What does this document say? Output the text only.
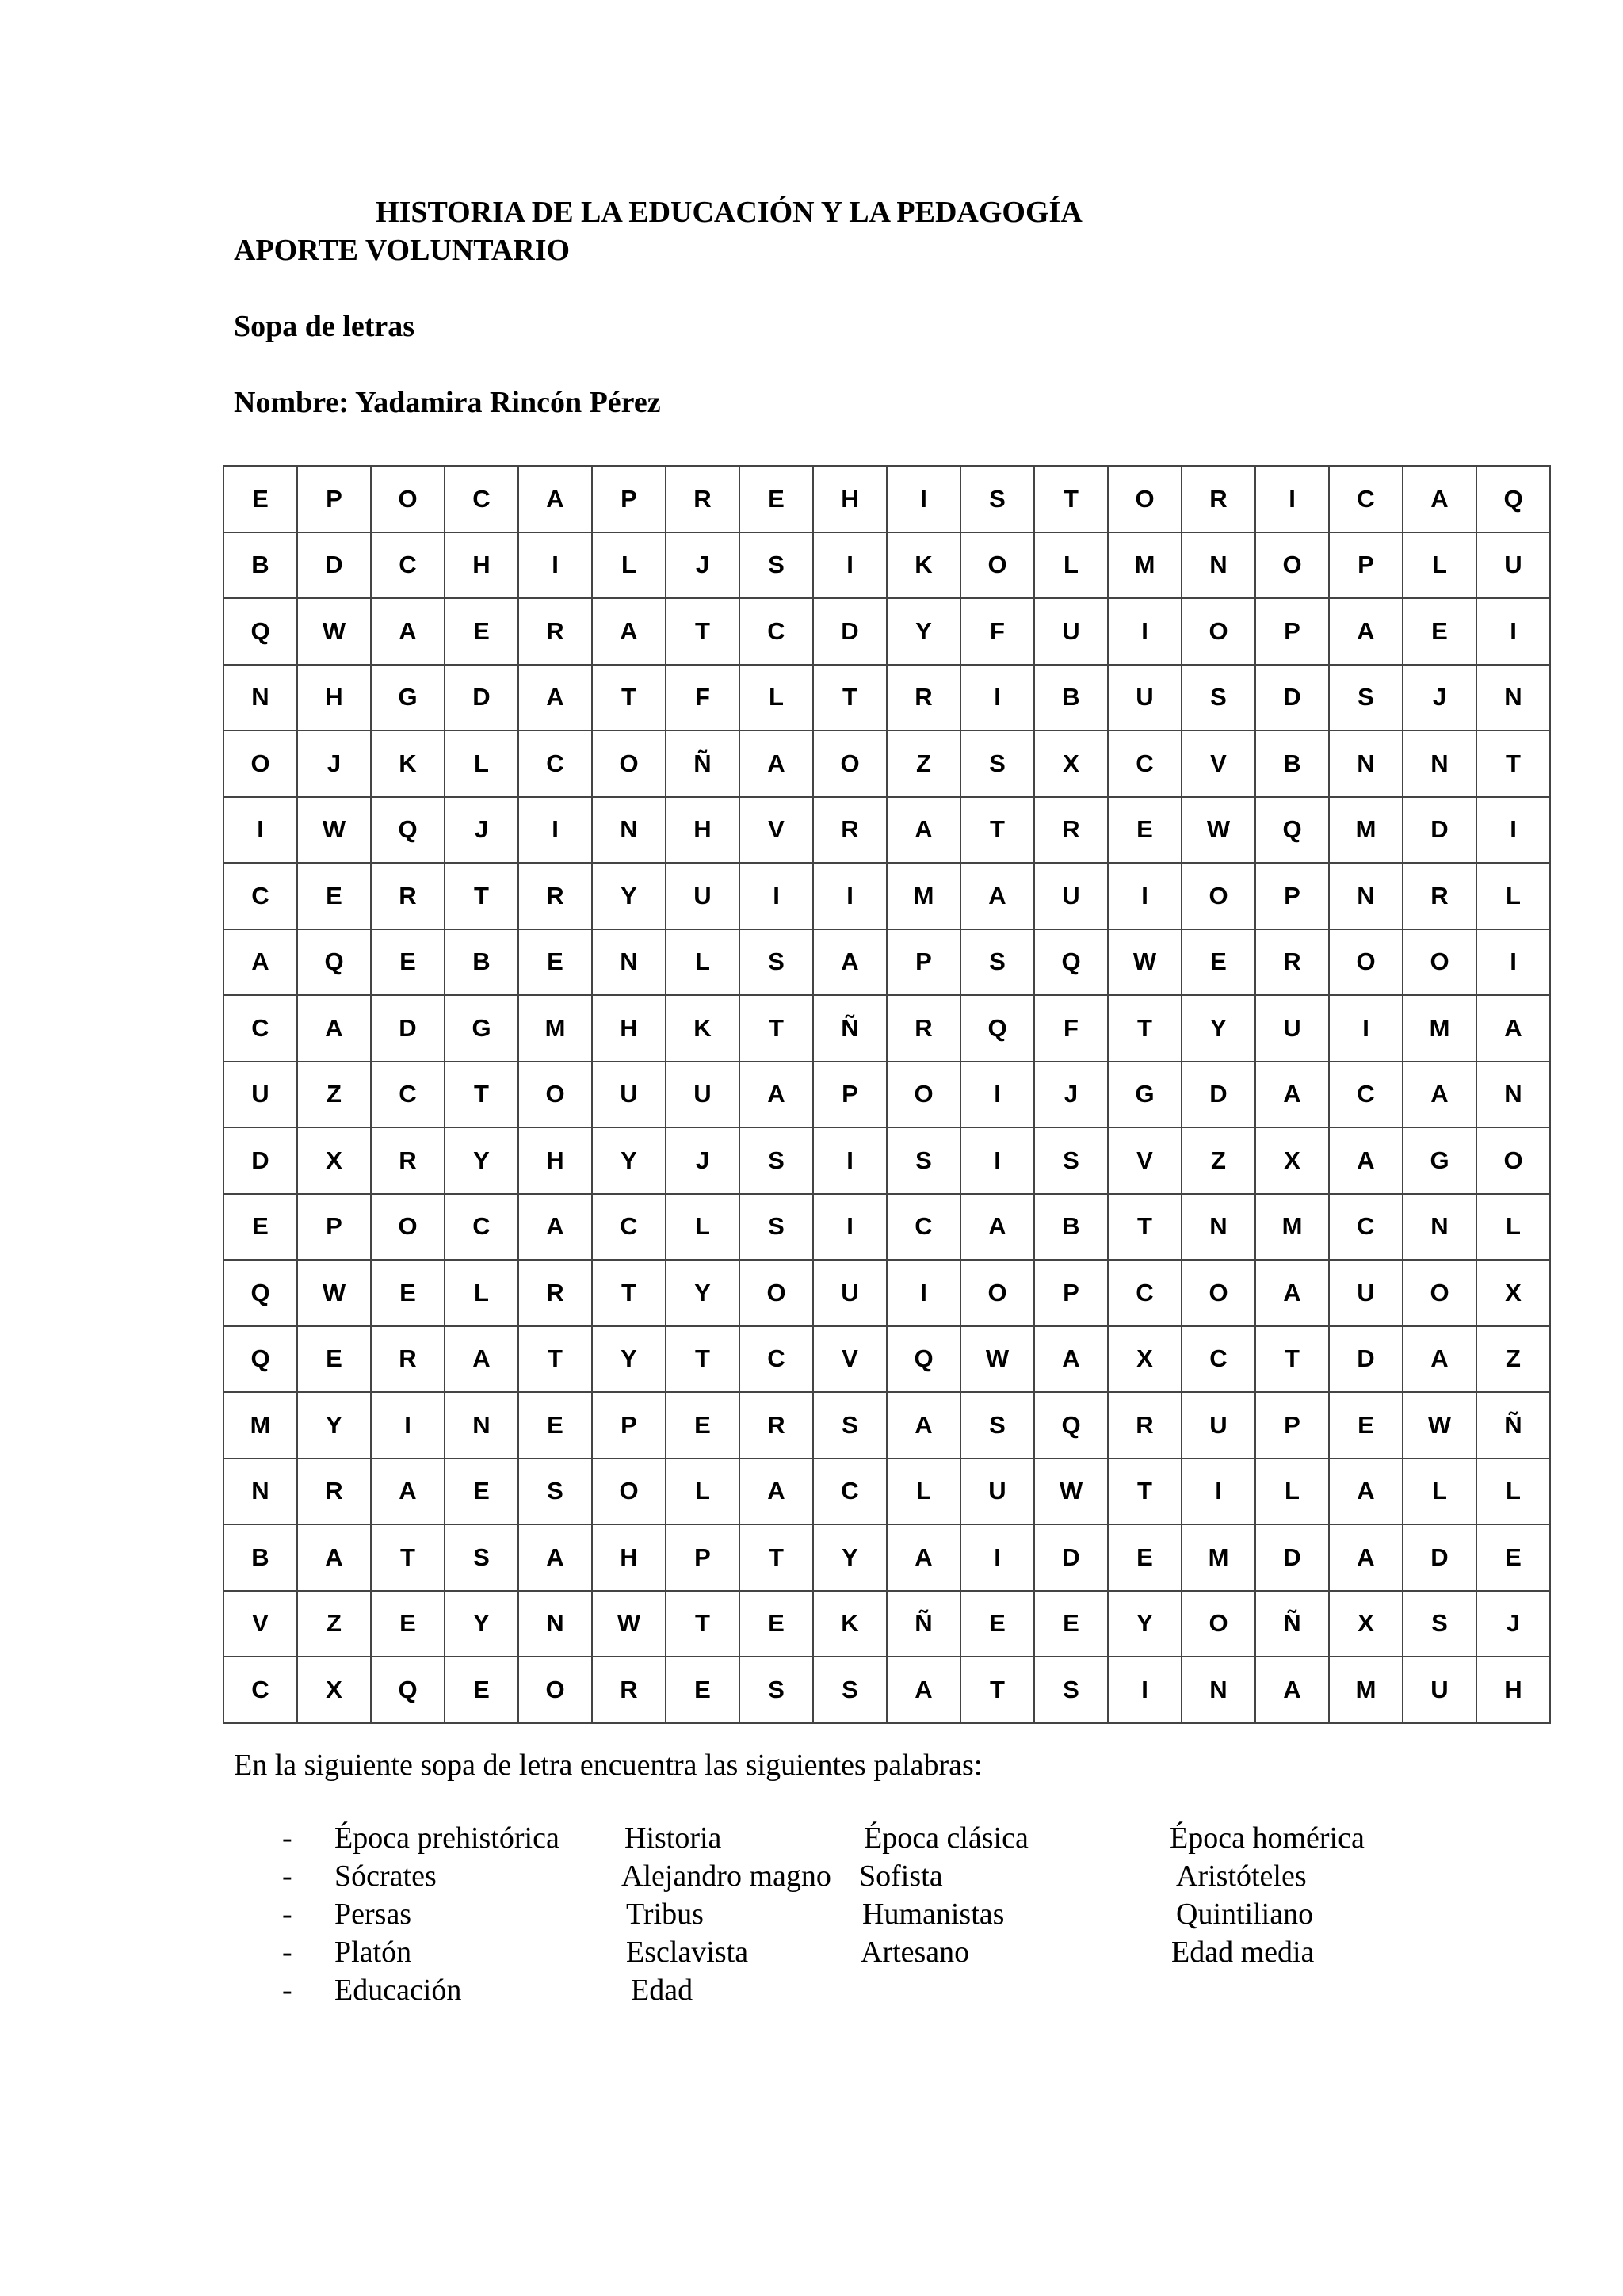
HISTORIA DE LA EDUCACIÓN Y LA PEDAGOGÍA
APORTE VOLUNTARIO
Sopa de letras
Nombre: Yadamira Rincón Pérez
E	P	O	C	A	P	R	E	H	I	S	T	O	R	I	C	A	Q
B	D	C	H	I	L	J	S	I	K	O	L	M	N	O	P	L	U
Q	W	A	E	R	A	T	C	D	Y	F	U	I	O	P	A	E	I
N	H	G	D	A	T	F	L	T	R	I	B	U	S	D	S	J	N
O	J	K	L	C	O	Ñ	A	O	Z	S	X	C	V	B	N	N	T
I	W	Q	J	I	N	H	V	R	A	T	R	E	W	Q	M	D	I
C	E	R	T	R	Y	U	I	I	M	A	U	I	O	P	N	R	L
A	Q	E	B	E	N	L	S	A	P	S	Q	W	E	R	O	O	I
C	A	D	G	M	H	K	T	Ñ	R	Q	F	T	Y	U	I	M	A
U	Z	C	T	O	U	U	A	P	O	I	J	G	D	A	C	A	N
D	X	R	Y	H	Y	J	S	I	S	I	S	V	Z	X	A	G	O
E	P	O	C	A	C	L	S	I	C	A	B	T	N	M	C	N	L
Q	W	E	L	R	T	Y	O	U	I	O	P	C	O	A	U	O	X
Q	E	R	A	T	Y	T	C	V	Q	W	A	X	C	T	D	A	Z
M	Y	I	N	E	P	E	R	S	A	S	Q	R	U	P	E	W	Ñ
N	R	A	E	S	O	L	A	C	L	U	W	T	I	L	A	L	L
B	A	T	S	A	H	P	T	Y	A	I	D	E	M	D	A	D	E
V	Z	E	Y	N	W	T	E	K	Ñ	E	E	Y	O	Ñ	X	S	J
C	X	Q	E	O	R	E	S	S	A	T	S	I	N	A	M	U	H
En la siguiente sopa de letra encuentra las siguientes palabras:
- Época prehistórica Historia	Época clásica	Época homérica
- Sócrates	Alejandro magno Sofista	Aristóteles
- Persas	Tribus	Humanistas	Quintiliano
- Platón	Esclavista	Artesano	Edad media
- Educación	Edad
